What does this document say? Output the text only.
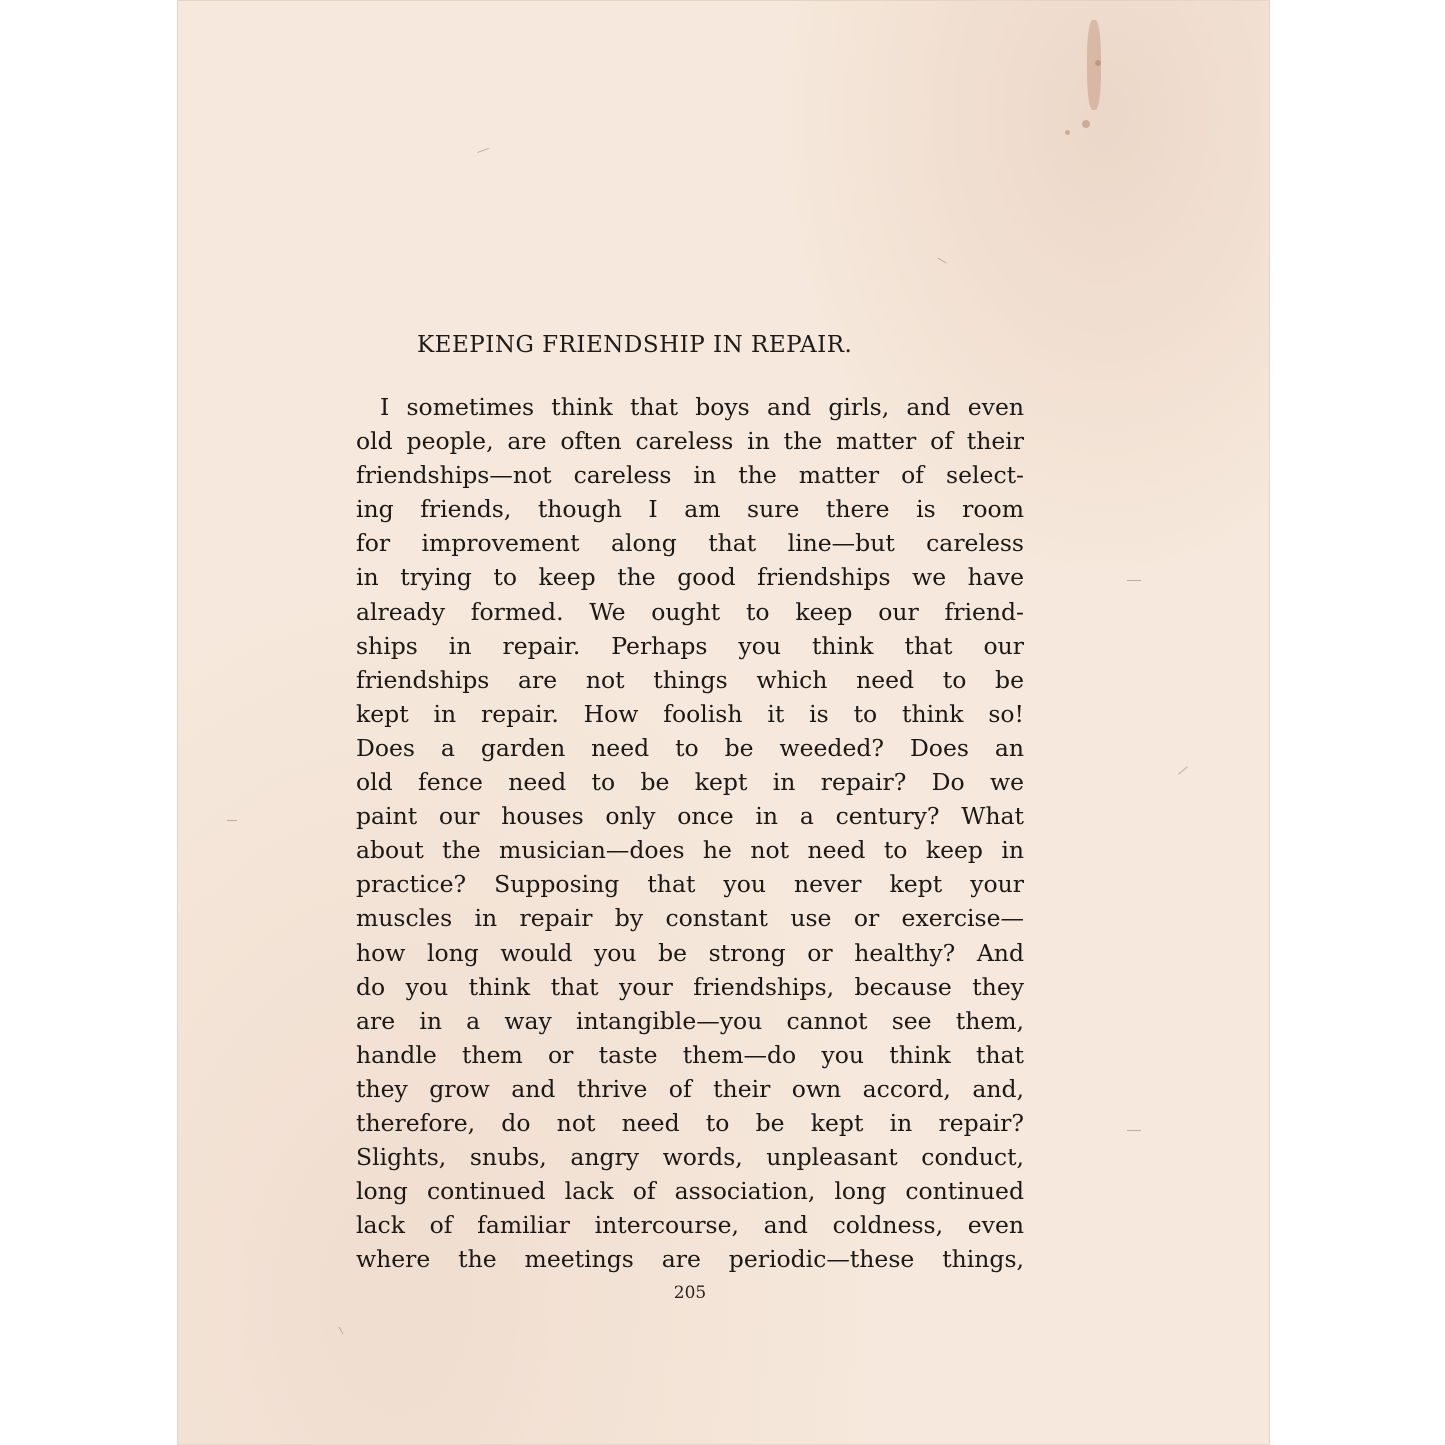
KEEPING FRIENDSHIP IN REPAIR.
I sometimes think that boys and girls, and even
old people, are often careless in the matter of their
friendships—not careless in the matter of select-
ing friends, though I am sure there is room
for improvement along that line—but careless
in trying to keep the good friendships we have
already formed. We ought to keep our friend-
ships in repair. Perhaps you think that our
friendships are not things which need to be
kept in repair. How foolish it is to think so!
Does a garden need to be weeded? Does an
old fence need to be kept in repair? Do we
paint our houses only once in a century? What
about the musician—does he not need to keep in
practice? Supposing that you never kept your
muscles in repair by constant use or exercise—
how long would you be strong or healthy? And
do you think that your friendships, because they
are in a way intangible—you cannot see them,
handle them or taste them—do you think that
they grow and thrive of their own accord, and,
therefore, do not need to be kept in repair?
Slights, snubs, angry words, unpleasant conduct,
long continued lack of association, long continued
lack of familiar intercourse, and coldness, even
where the meetings are periodic—these things,
205
